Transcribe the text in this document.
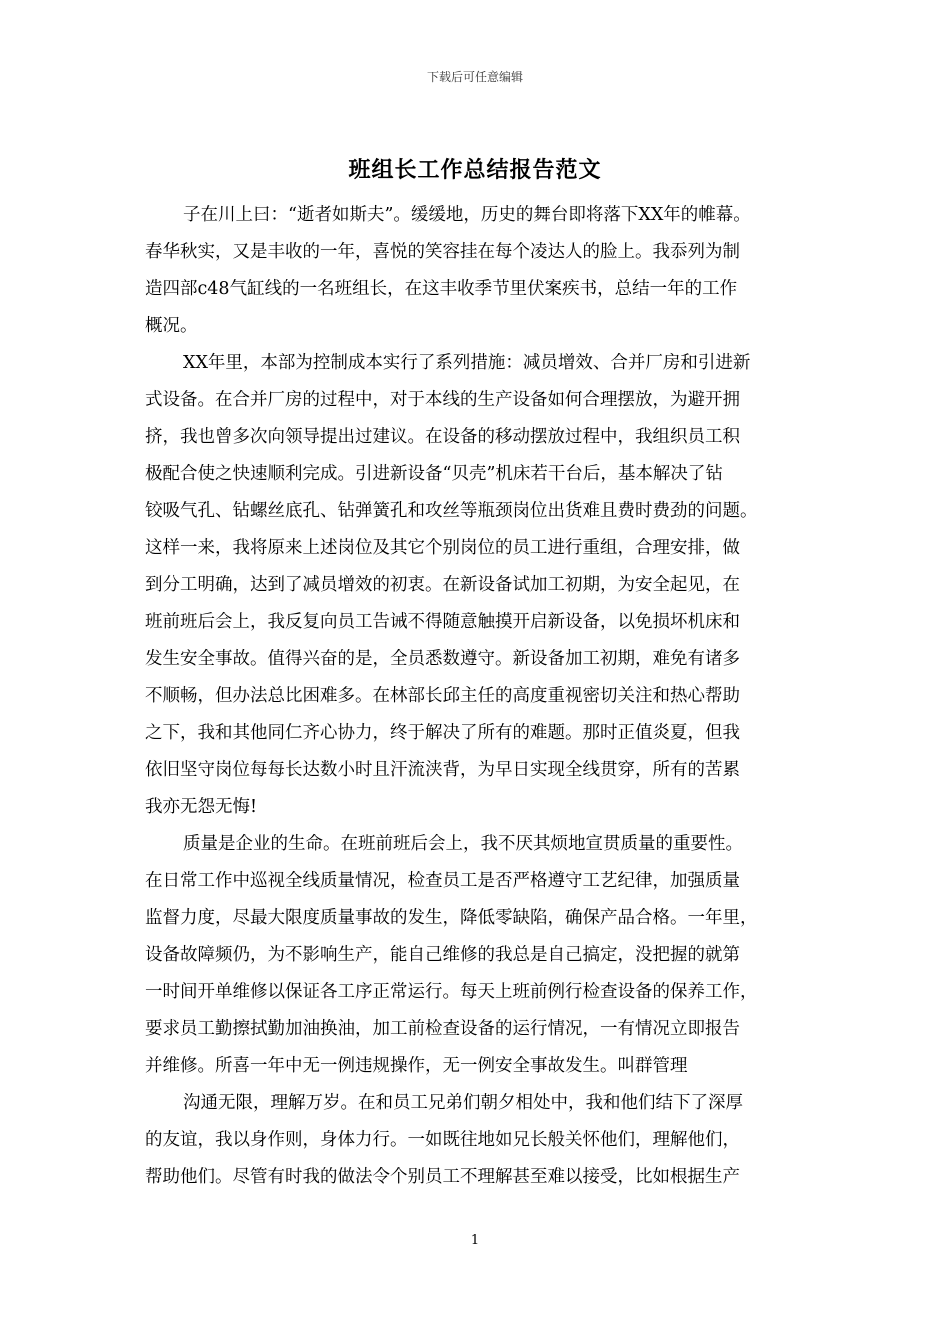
下载后可任意编辑
班组长工作总结报告范文
子在川上曰：“逝者如斯夫”。缓缓地，历史的舞台即将落下XX年的帷幕。
春华秋实，又是丰收的一年，喜悦的笑容挂在每个凌达人的脸上。我忝列为制
造四部c48气缸线的一名班组长，在这丰收季节里伏案疾书，总结一年的工作
概况。
XX年里，本部为控制成本实行了系列措施：减员增效、合并厂房和引进新
式设备。在合并厂房的过程中，对于本线的生产设备如何合理摆放，为避开拥
挤，我也曾多次向领导提出过建议。在设备的移动摆放过程中，我组织员工积
极配合使之快速顺利完成。引进新设备“贝壳”机床若干台后，基本解决了钻
铰吸气孔、钻螺丝底孔、钻弹簧孔和攻丝等瓶颈岗位出货难且费时费劲的问题。
这样一来，我将原来上述岗位及其它个别岗位的员工进行重组，合理安排，做
到分工明确，达到了减员增效的初衷。在新设备试加工初期，为安全起见，在
班前班后会上，我反复向员工告诫不得随意触摸开启新设备，以免损坏机床和
发生安全事故。值得兴奋的是，全员悉数遵守。新设备加工初期，难免有诸多
不顺畅，但办法总比困难多。在林部长邱主任的高度重视密切关注和热心帮助
之下，我和其他同仁齐心协力，终于解决了所有的难题。那时正值炎夏，但我
依旧坚守岗位每每长达数小时且汗流浃背，为早日实现全线贯穿，所有的苦累
我亦无怨无悔!
质量是企业的生命。在班前班后会上，我不厌其烦地宣贯质量的重要性。
在日常工作中巡视全线质量情况，检查员工是否严格遵守工艺纪律，加强质量
监督力度，尽最大限度质量事故的发生，降低零缺陷，确保产品合格。一年里，
设备故障频仍，为不影响生产，能自己维修的我总是自己搞定，没把握的就第
一时间开单维修以保证各工序正常运行。每天上班前例行检查设备的保养工作，
要求员工勤擦拭勤加油换油，加工前检查设备的运行情况，一有情况立即报告
并维修。所喜一年中无一例违规操作，无一例安全事故发生。叫群管理
沟通无限，理解万岁。在和员工兄弟们朝夕相处中，我和他们结下了深厚
的友谊，我以身作则，身体力行。一如既往地如兄长般关怀他们，理解他们，
帮助他们。尽管有时我的做法令个别员工不理解甚至难以接受，比如根据生产
1
